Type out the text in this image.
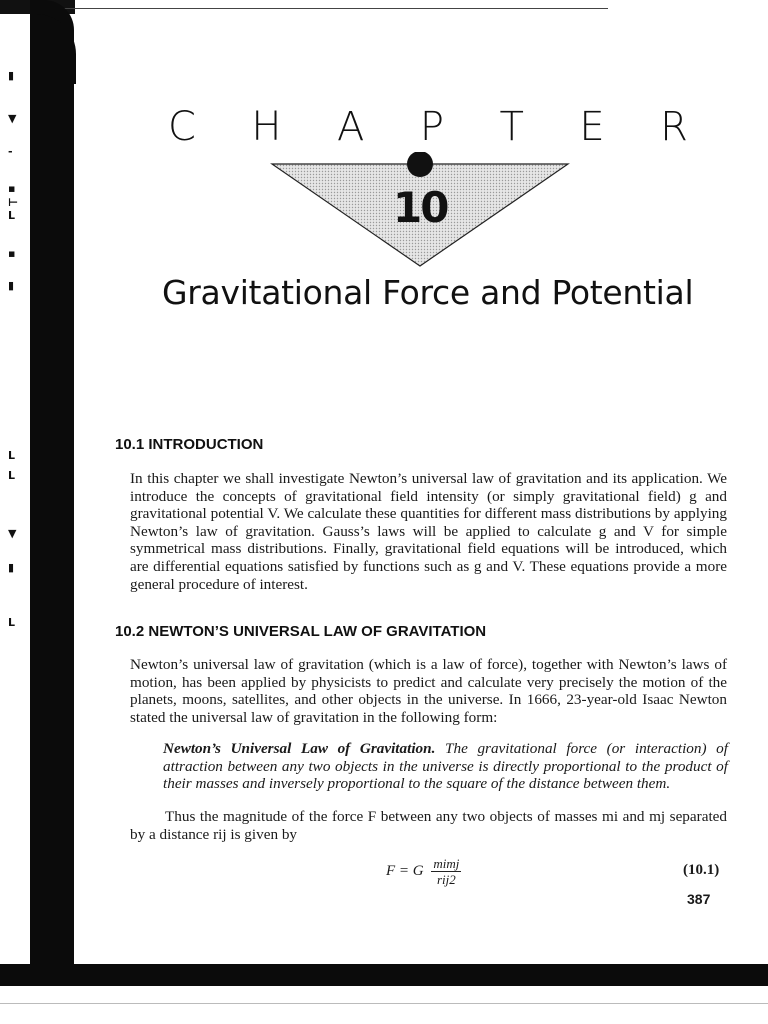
▮
▼
-
▪
⊢
L
▪
▮
L
L
▼
▮
L
C H A P T E R
10
Gravitational Force and Potential
10.1 INTRODUCTION
In this chapter we shall investigate Newton’s universal law of gravitation and its application. We introduce the concepts of gravitational field intensity (or simply gravitational field) g and gravitational potential V. We calculate these quantities for different mass distributions by applying Newton’s law of gravitation. Gauss’s laws will be applied to calculate g and V for simple symmetrical mass distributions. Finally, gravitational field equations will be introduced, which are differential equations satisfied by functions such as g and V. These equations provide a more general procedure of interest.
10.2 NEWTON’S UNIVERSAL LAW OF GRAVITATION
Newton’s universal law of gravitation (which is a law of force), together with Newton’s laws of motion, has been applied by physicists to predict and calculate very precisely the motion of the planets, moons, satellites, and other objects in the universe. In 1666, 23-year-old Isaac Newton stated the universal law of gravitation in the following form:
Newton’s Universal Law of Gravitation. The gravitational force (or interaction) of attraction between any two objects in the universe is directly proportional to the product of their masses and inversely proportional to the square of the distance between them.
Thus the magnitude of the force F between any two objects of masses mi and mj separated by a distance rij is given by
F = G $\frac{\text{mimj}}{\text{rij2}}$	(10.1)
387
